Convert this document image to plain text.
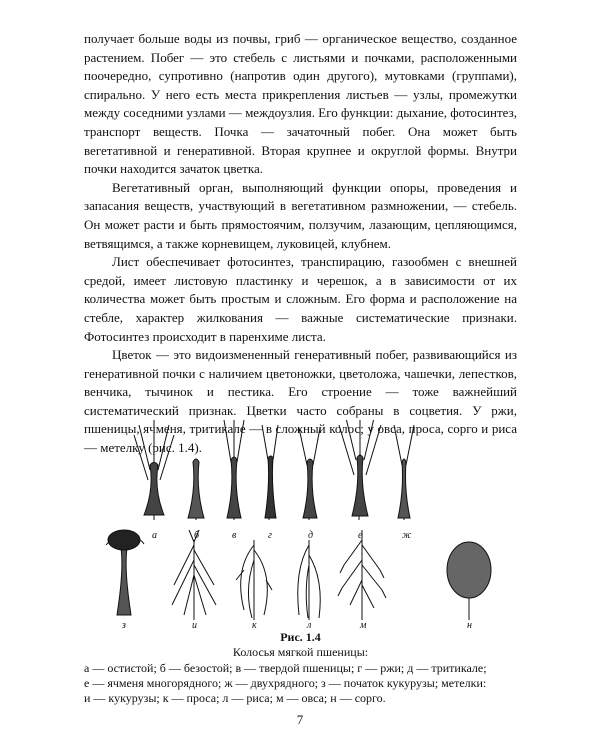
получает больше воды из почвы, гриб — органическое вещество, созданное растением. Побег — это стебель с листьями и почками, расположенными поочередно, супротивно (напротив один другого), мутовками (группами), спирально. У него есть места прикрепления листьев — узлы, промежутки между соседними узлами — междоузлия. Его функции: дыхание, фотосинтез, транспорт веществ. Почка — зачаточный побег. Она может быть вегетативной и генеративной. Вторая крупнее и округлой формы. Внутри почки находится зачаток цветка.

Вегетативный орган, выполняющий функции опоры, проведения и запасания веществ, участвующий в вегетативном размножении, — стебель. Он может расти и быть прямостоячим, ползучим, лазающим, цепляющимся, ветвящимся, а также корневищем, луковицей, клубнем.

Лист обеспечивает фотосинтез, транспирацию, газообмен с внешней средой, имеет листовую пластинку и черешок, а в зависимости от их количества может быть простым и сложным. Его форма и расположение на стебле, характер жилкования — важные систематические признаки. Фотосинтез происходит в паренхиме листа.

Цветок — это видоизмененный генеративный побег, развивающийся из генеративной почки с наличием цветоножки, цветоложа, чашечки, лепестков, венчика, тычинок и пестика. Его строение — тоже важнейший систематический признак. Цветки часто собраны в соцветия. У ржи, пшеницы, ячменя, тритикале — в сложный колос; у овса, проса, сорго и риса — метелку (рис. 1.4).

а	б	в	г	д	е	ж
з	и	к	л	м	н
Рис. 1.4
Колосья мягкой пшеницы:
а — остистой; б — безостой; в — твердой пшеницы; г — ржи; д — тритикале;
е — ячменя многорядного; ж — двухрядного; з — початок кукурузы; метелки:
и — кукурузы; к — проса; л — риса; м — овса; н — сорго.
7
